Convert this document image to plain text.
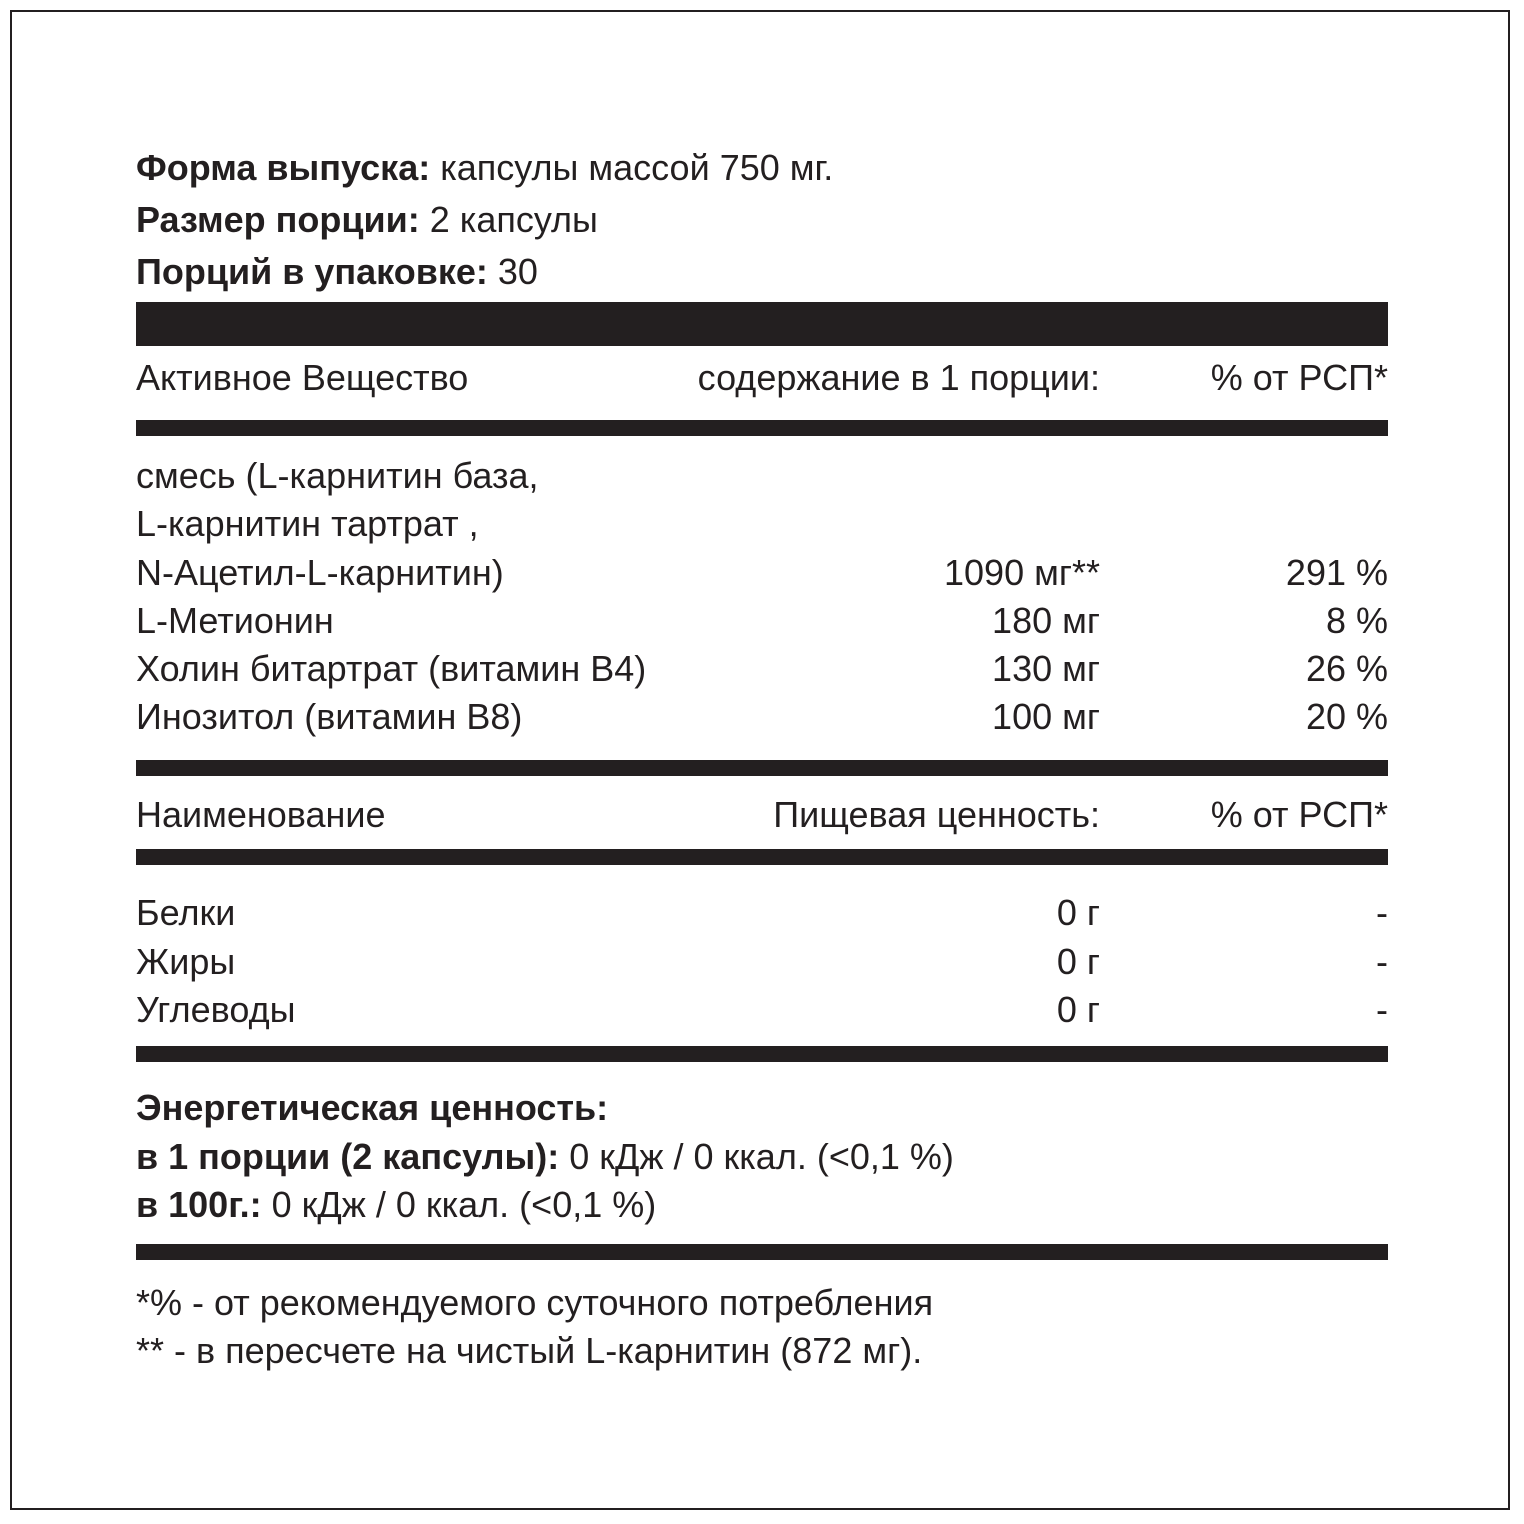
Форма выпуска: капсулы массой 750 мг.
Размер порции: 2 капсулы
Порций в упаковке: 30
Активное Вещество	содержание в 1 порции:	% от РСП*
смесь (L-карнитин база,
L-карнитин тартрат ,
N-Ацетил-L-карнитин)	1090 мг**	291 %
L-Метионин	180 мг	8 %
Холин битартрат (витамин В4)	130 мг	26 %
Инозитол (витамин В8)	100 мг	20 %
Наименование	Пищевая ценность:	% от РСП*
Белки	0 г	-
Жиры	0 г	-
Углеводы	0 г	-
Энергетическая ценность:
в 1 порции (2 капсулы): 0 кДж / 0 ккал. (<0,1 %)
в 100г.: 0 кДж / 0 ккал. (<0,1 %)
*% - от рекомендуемого суточного потребления
** - в пересчете на чистый L-карнитин (872 мг).
